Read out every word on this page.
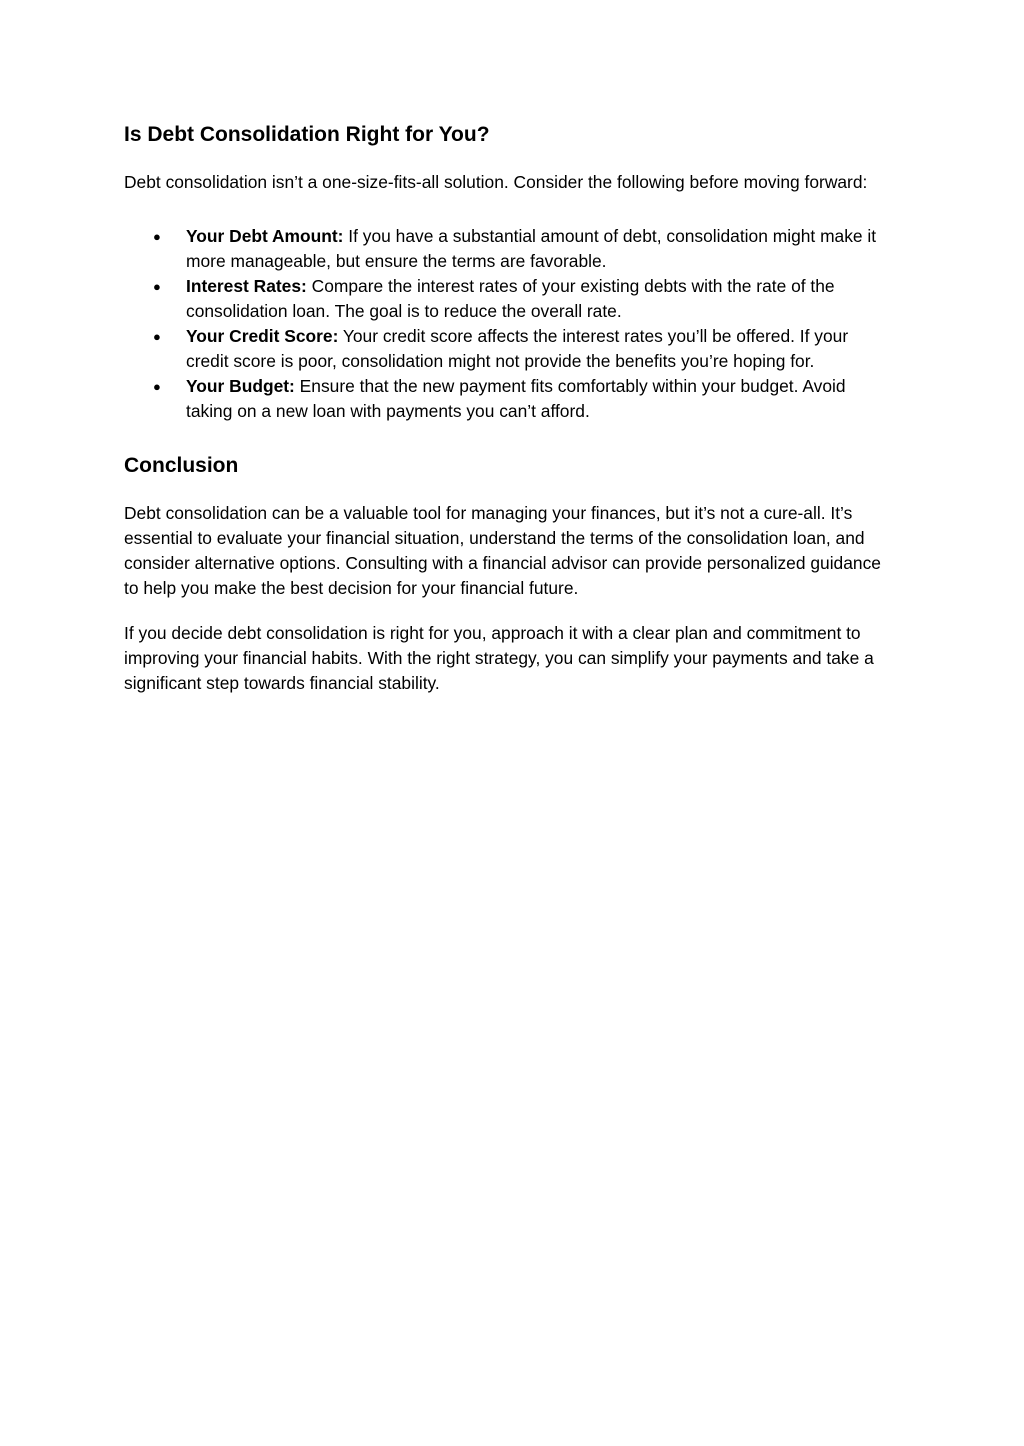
Is Debt Consolidation Right for You?

Debt consolidation isn’t a one-size-fits-all solution. Consider the following before moving forward:

● Your Debt Amount: If you have a substantial amount of debt, consolidation might make it more manageable, but ensure the terms are favorable.
● Interest Rates: Compare the interest rates of your existing debts with the rate of the consolidation loan. The goal is to reduce the overall rate.
● Your Credit Score: Your credit score affects the interest rates you’ll be offered. If your credit score is poor, consolidation might not provide the benefits you’re hoping for.
● Your Budget: Ensure that the new payment fits comfortably within your budget. Avoid taking on a new loan with payments you can’t afford.
Conclusion

Debt consolidation can be a valuable tool for managing your finances, but it’s not a cure-all. It’s essential to evaluate your financial situation, understand the terms of the consolidation loan, and consider alternative options. Consulting with a financial advisor can provide personalized guidance to help you make the best decision for your financial future.

If you decide debt consolidation is right for you, approach it with a clear plan and commitment to improving your financial habits. With the right strategy, you can simplify your payments and take a significant step towards financial stability.
